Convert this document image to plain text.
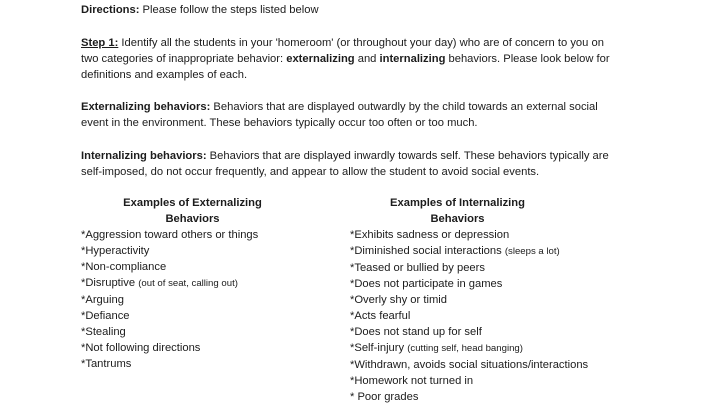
Directions: Please follow the steps listed below
Step 1: Identify all the students in your 'homeroom' (or throughout your day) who are of concern to you on
two categories of inappropriate behavior: externalizing and internalizing behaviors. Please look below for
definitions and examples of each.
Externalizing behaviors: Behaviors that are displayed outwardly by the child towards an external social
event in the environment. These behaviors typically occur too often or too much.
Internalizing behaviors: Behaviors that are displayed inwardly towards self. These behaviors typically are
self-imposed, do not occur frequently, and appear to allow the student to avoid social events.
Examples of Externalizing
Behaviors
*Aggression toward others or things
*Hyperactivity
*Non-compliance
*Disruptive (out of seat, calling out)
*Arguing
*Defiance
*Stealing
*Not following directions
*Tantrums
Examples of Internalizing
Behaviors
*Exhibits sadness or depression
*Diminished social interactions (sleeps a lot)
*Teased or bullied by peers
*Does not participate in games
*Overly shy or timid
*Acts fearful
*Does not stand up for self
*Self-injury (cutting self, head banging)
*Withdrawn, avoids social situations/interactions
*Homework not turned in
* Poor grades
